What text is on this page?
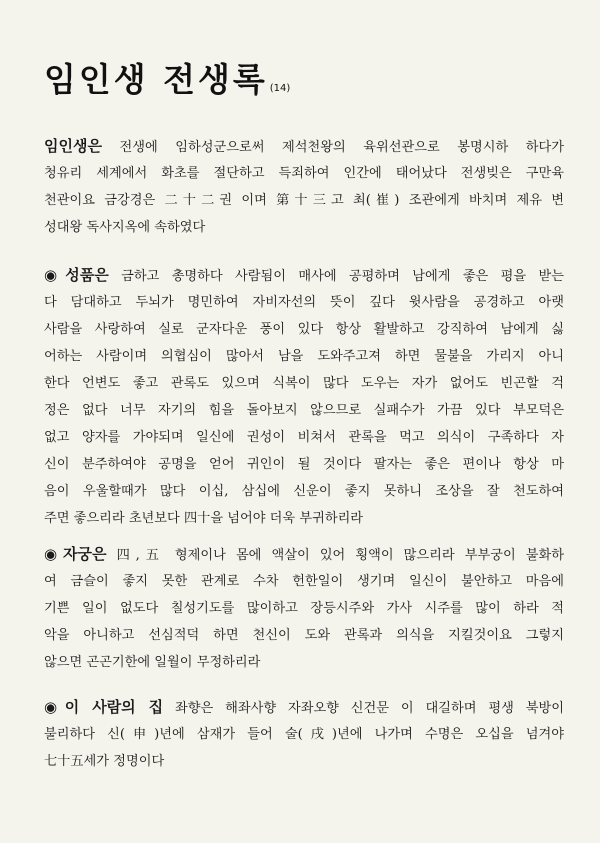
임인생 전생록 (14)
임인생은 전생에 임하성군으로써 제석천왕의 육위선관으로 봉명시하 하다가
청유리 세계에서 화초를 절단하고 득죄하여 인간에 태어났다 전생빚은 구만육
천관이요 금강경은 二十二권 이며 第十三고 최(崔) 조관에게 바치며 제유 변
성대왕 독사지옥에 속하였다
◉성품은 금하고 총명하다 사람됨이 매사에 공평하며 남에게 좋은 평을 받는
다 담대하고 두뇌가 명민하여 자비자선의 뜻이 깊다 윗사람을 공경하고 아랫
사람을 사랑하여 실로 군자다운 풍이 있다 항상 활발하고 강직하여 남에게 싫
어하는 사람이며 의협심이 많아서 남을 도와주고져 하면 물불을 가리지 아니
한다 언변도 좋고 관록도 있으며 식복이 많다 도우는 자가 없어도 빈곤할 걱
정은 없다 너무 자기의 힘을 돌아보지 않으므로 실패수가 가끔 있다 부모덕은
없고 양자를 가야되며 일신에 권성이 비쳐서 관록을 먹고 의식이 구족하다 자
신이 분주하여야 공명을 얻어 귀인이 될 것이다 팔자는 좋은 편이나 항상 마
음이 우울할때가 많다 이십, 삼십에 신운이 좋지 못하니 조상을 잘 천도하여
주면 좋으리라 초년보다 四十을 넘어야 더욱 부귀하리라
◉자궁은 四,五 형제이나 몸에 액살이 있어 횡액이 많으리라 부부궁이 불화하
여 금슬이 좋지 못한 관계로 수차 헌한일이 생기며 일신이 불안하고 마음에
기쁜 일이 없도다 칠성기도를 많이하고 장등시주와 가사 시주를 많이 하라 적
악을 아니하고 선심적덕 하면 천신이 도와 관록과 의식을 지킬것이요 그렇지
않으면 곤곤기한에 일월이 무정하리라
◉이 사람의 집 좌향은 해좌사향 자좌오향 신건문 이 대길하며 평생 북방이
불리하다 신(申)년에 삼재가 들어 술(戌)년에 나가며 수명은 오십을 넘겨야
七十五세가 정명이다
